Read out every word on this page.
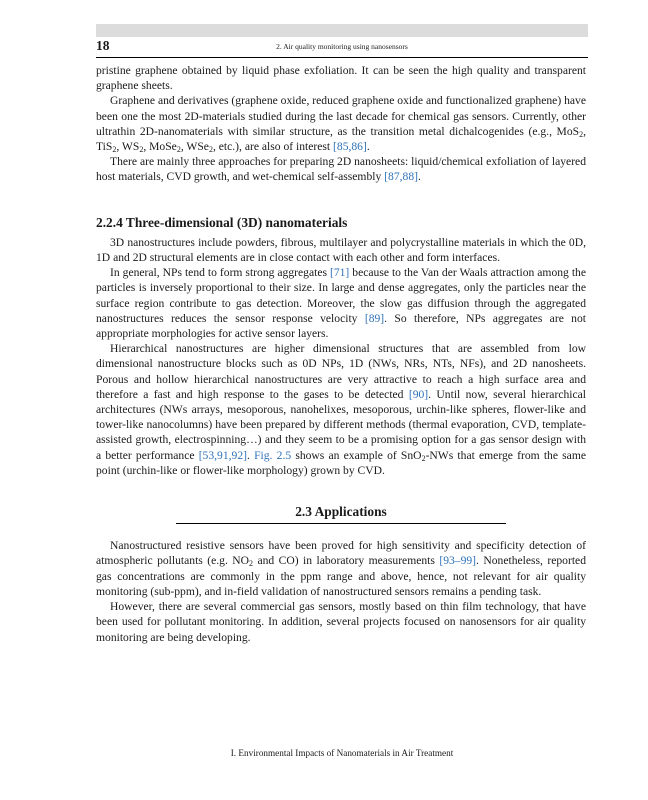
18	2. Air quality monitoring using nanosensors

pristine graphene obtained by liquid phase exfoliation. It can be seen the high quality and transparent graphene sheets.

Graphene and derivatives (graphene oxide, reduced graphene oxide and functionalized graphene) have been one the most 2D-materials studied during the last decade for chemical gas sensors. Currently, other ultrathin 2D-nanomaterials with similar structure, as the transition metal dichalcogenides (e.g., MoS$_2$, TiS$_2$, $WS_2$, MoSe$_2$, WSe$_2$, etc.), are also of interest [85,86].

There are mainly three approaches for preparing 2D nanosheets: liquid/chemical exfoliation of layered host materials, CVD growth, and wet-chemical self-assembly [87,88].

2.2.4 Three-dimensional (3D) nanomaterials

3D nanostructures include powders, fibrous, multilayer and polycrystalline materials in which the 0D, 1D and 2D structural elements are in close contact with each other and form interfaces.

In general, NPs tend to form strong aggregates [71] because to the Van der Waals attraction among the particles is inversely proportional to their size. In large and dense aggregates, only the particles near the surface region contribute to gas detection. Moreover, the slow gas diffusion through the aggregated nanostructures reduces the sensor response velocity [89]. So therefore, NPs aggregates are not appropriate morphologies for active sensor layers.

Hierarchical nanostructures are higher dimensional structures that are assembled from low dimensional nanostructure blocks such as 0D NPs, 1D (NWs, NRs, NTs, NFs), and 2D nanosheets. Porous and hollow hierarchical nanostructures are very attractive to reach a high surface area and therefore a fast and high response to the gases to be detected [90]. Until now, several hierarchical architectures (NWs arrays, mesoporous, nanohelixes, mesoporous, urchin-like spheres, flower-like and tower-like nanocolumns) have been prepared by different methods (thermal evaporation, CVD, template-assisted growth, electrospinning…) and they seem to be a promising option for a gas sensor design with a better performance [53,91,92]. Fig. 2.5 shows an example of SnO$_2$-NWs that emerge from the same point (urchin-like or flower-like morphology) grown by CVD.

2.3 Applications

Nanostructured resistive sensors have been proved for high sensitivity and specificity detection of atmospheric pollutants (e.g. $NO_2$ and CO) in laboratory measurements [93–99]. Nonetheless, reported gas concentrations are commonly in the ppm range and above, hence, not relevant for air quality monitoring (sub-ppm), and in-field validation of nanostructured sensors remains a pending task.

However, there are several commercial gas sensors, mostly based on thin film technology, that have been used for pollutant monitoring. In addition, several projects focused on nanosensors for air quality monitoring are being developing.

I. Environmental Impacts of Nanomaterials in Air Treatment
